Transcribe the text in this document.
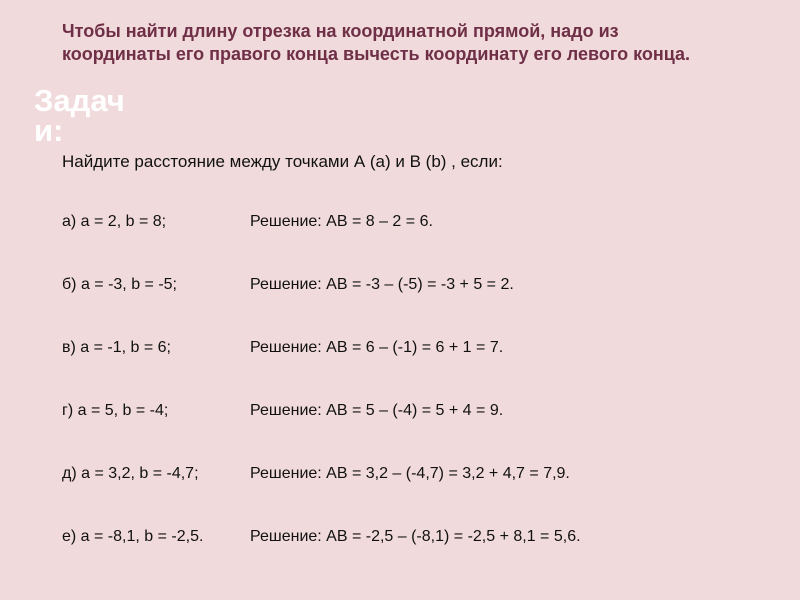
Чтобы найти длину отрезка на координатной прямой, надо из координаты его правого конца вычесть координату его левого конца.

Задачи:

Найдите расстояние между точками А (а) и В (b) , если:

а) a = 2, b = 8;	Решение: АВ = 8 – 2 = 6.
б) a = -3, b = -5;	Решение: АВ = -3 – (-5) = -3 + 5 = 2.
в) a = -1, b = 6;	Решение: АВ = 6 – (-1) = 6 + 1 = 7.
г) a = 5, b = -4;	Решение: АВ = 5 – (-4) = 5 + 4 = 9.
д) a = 3,2, b = -4,7;	Решение: АВ = 3,2 – (-4,7) = 3,2 + 4,7 = 7,9.
е) a = -8,1, b = -2,5.	Решение: АВ = -2,5 – (-8,1) = -2,5 + 8,1 = 5,6.
